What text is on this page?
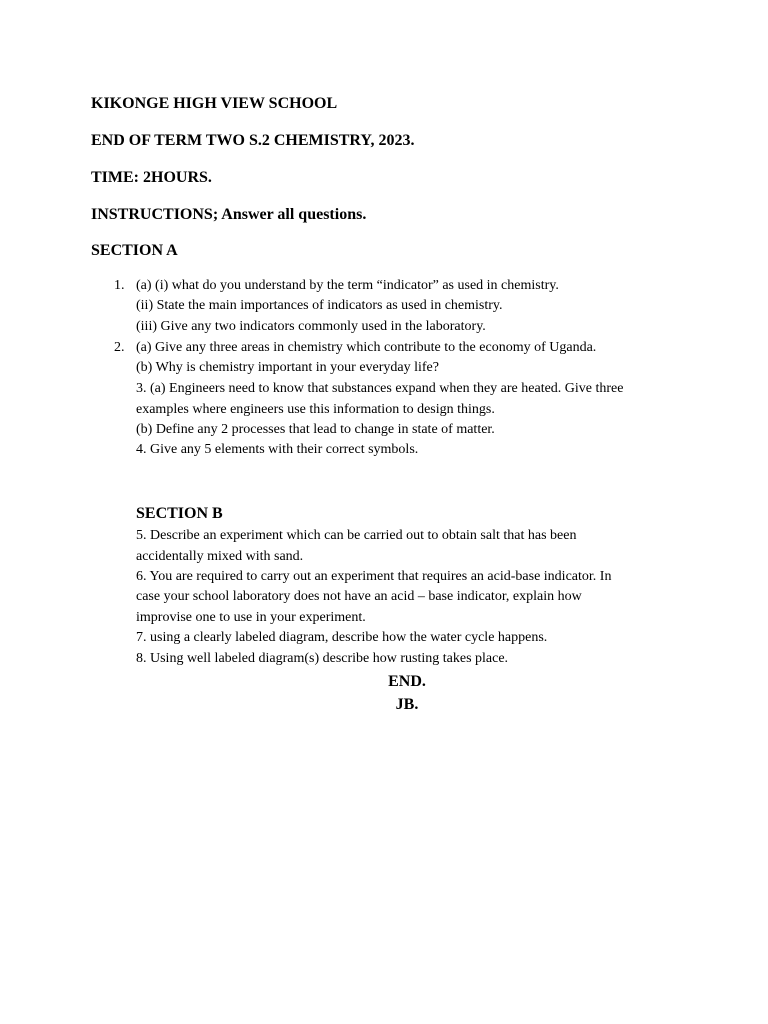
KIKONGE HIGH VIEW SCHOOL
END OF TERM TWO S.2 CHEMISTRY, 2023.
TIME: 2HOURS.
INSTRUCTIONS; Answer all questions.
SECTION A
1. (a) (i) what do you understand by the term “indicator” as used in chemistry.
(ii) State the main importances of indicators as used in chemistry.
(iii) Give any two indicators commonly used in the laboratory.
2. (a) Give any three areas in chemistry which contribute to the economy of Uganda.
(b) Why is chemistry important in your everyday life?
3. (a) Engineers need to know that substances expand when they are heated. Give three
examples where engineers use this information to design things.
(b) Define any 2 processes that lead to change in state of matter.
4. Give any 5 elements with their correct symbols.
SECTION B
5. Describe an experiment which can be carried out to obtain salt that has been
accidentally mixed with sand.
6. You are required to carry out an experiment that requires an acid-base indicator. In
case your school laboratory does not have an acid – base indicator, explain how
improvise one to use in your experiment.
7. using a clearly labeled diagram, describe how the water cycle happens.
8. Using well labeled diagram(s) describe how rusting takes place.
END.
JB.
